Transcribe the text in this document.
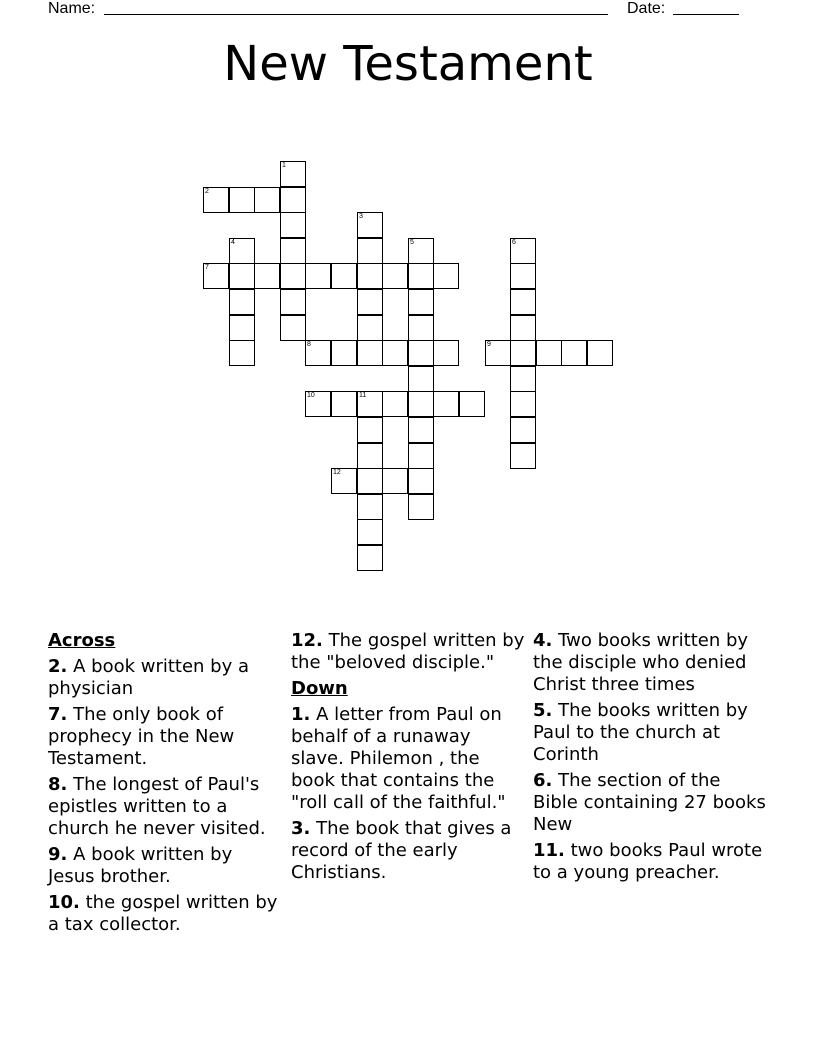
Name:	Date:
New Testament
1
2
3
4	5	6
7
8	9
10	11
12
Across
2. A book written by a physician
7. The only book of prophecy in the New Testament.
8. The longest of Paul's epistles written to a church he never visited.
9. A book written by Jesus brother.
10. the gospel written by a tax collector.
12. The gospel written by the "beloved disciple."
Down
1. A letter from Paul on behalf of a runaway slave. Philemon , the book that contains the "roll call of the faithful."
3. The book that gives a record of the early Christians.
4. Two books written by the disciple who denied Christ three times
5. The books written by Paul to the church at Corinth
6. The section of the Bible containing 27 books New
11. two books Paul wrote to a young preacher.
